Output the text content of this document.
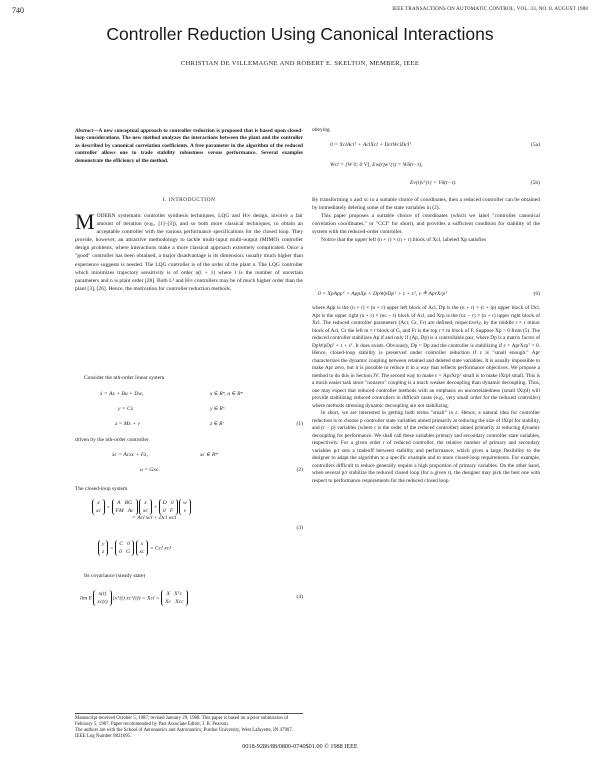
740	IEEE TRANSACTIONS ON AUTOMATIC CONTROL, VOL. 33, NO. 8, AUGUST 1988
Controller Reduction Using Canonical Interactions
CHRISTIAN DE VILLEMAGNE AND ROBERT E. SKELTON, MEMBER, IEEE
Abstract—A new conceptual approach to controller reduction is proposed that is based upon closed-loop considerations. The new method analyzes the interactions between the plant and the controller as described by canonical correlation coefficients. A free parameter in the algorithm of the reduced controller allows one to trade stability robustness versus performance. Several examples demonstrate the efficiency of the method.
I. INTRODUCTION
MODERN systematic controller synthesis techniques, LQG and H∞ design, involve a fair amount of iteration (e.g., [1]–[3]), and so both more classical techniques, to obtain an acceptable controller with the various performance specifications for the closed loop. They provide, however, an attractive methodology to tackle multi-input multi-output (MIMO) controller design problems, where interactions make a more classical approach extremely complicated. Once a "good" controller has been obtained, a major disadvantage is its dimension: usually much higher than experience suggests is needed. The LQG controller is of the order of the plant n. The LQG controller which minimizes trajectory sensitivity is of order n(l + 1) where l is the number of uncertain parameters and n is plant order [28]. Both L² and H∞ controllers may be of much higher order than the plant [3], [26]. Hence, the motivation for controller reduction methods.
Consider the nth-order linear system
ẋ = Ax + Bu + Dw,	x ∈ Rⁿ, u ∈ Rᵐ
y = Cx	y ∈ Rᵏ
z = Mx + v	z ∈ Rˡ	(1)
driven by the nth-order controller
ẋc = Acxc + Fz,	xc ∈ Rⁿᶜ
u = Gxc.	(2)
The closed-loop system
x
xc = A   BG
FM   Ac x
xc + D   0
0   F w
v
= Acl xcl + Dcl wcl
(3)
y
z = C   0
0   G x
xc = Ccl xcl
Its covariance (steady state)
lim E x(t)
xc(t) (xᵀ(t) xcᵀ(t)) = Xcl = X   Xᵀc
Xc   Xcc
(4)
Manuscript received October 5, 1987; revised January 29, 1988. This paper is based on a prior submission of February 5, 1987. Paper recommended by Past Associate Editor, J. B. Pearson.
The authors are with the School of Aeronautics and Astronautics, Purdue University, West Lafayette, IN 47907.
IEEE Log Number 8821095.
obeying
0 = XclAclᵀ + AclXcl + DclWclDclᵀ	(5a)
Wcl = [W 0; 0 V], Ew(t)wᵀ(τ) = Wδ(t−τ),
Ev(t)vᵀ(τ) = Vδ(t−τ).	(5b)
By transforming x and xc to a suitable choice of coordinates, then a reduced controller can be obtained by immediately deleting some of the state variables in (2).
This paper proposes a suitable choice of coordinates (which we label "controller canonical correlation coordinates," or "CCI" for short), and provides a sufficient condition for stability of the system with the reduced-order controller.
Notice that the upper left (n + r) × (n + r) block of Xcl, labeled Xp satisfies
0 = XpAppᵀ + AppXp + DpWpDpᵀ + ε + εᵀ, ε ≜ AprXrpᵀ	(6)
where App is the (n + r) × (n + r) upper left block of Acl, Dp is the (n + r) × (r + lp) upper block of Dcl, Apr is the upper right (n + r) × (nc − r) block of Acl, and Xrp is the (nc − r) × (n + r) upper right block of Xcl. The reduced controller parameters (Acr, Gr, Fr) are defined, respectively, by the middle r × r minor block of Acl, Gr the left m × r block of G, and Fr is the top r × m block of F. Suppose Xp > 0 from (5). The reduced controller stabilizes Ap if and only if (Ap, Dp) is a controllable pair, where Dp is a matrix factor of DpWpDpᵀ + ε + εᵀ. It does exists. Obviously, Dp = Dp and the controller is stabilizing if ε = AprXrpᵀ = 0. Hence, closed-loop stability is preserved under controller reduction if ε is "small enough." Apr characterizes the dynamic coupling between retained and deleted state variables. It is usually impossible to make Apr zero, but it is possible to reduce it in a way that reflects performance objectives. We propose a method to do this in Section IV. The second way to make ε = AprXrpᵀ small is to make ‖Xrp‖ small. This is a much easier task since "nonzero" coupling is a much weaker decoupling than dynamic decoupling. Thus, one may expect that reduced controller methods with an emphasis on uncorrelatedness (small ‖Xrp‖) will provide stabilizing reduced controllers in difficult cases (e.g., very small order for the reduced controller) where methods stressing dynamic decoupling are not stabilizing.
In short, we are interested in getting both terms "small" in ε. Hence, a natural idea for controller reduction is to choose p controller state variables aimed primarily at reducing the size of ‖Xrp‖ for stability, and (r − p) variables (where r is the order of the reduced controller) aimed primarily at reducing dynamic decoupling for performance. We shall call these variables primary and secondary controller state variables, respectively. For a given order r of reduced controller, the relative number of primary and secondary variables p/r sets a tradeoff between stability and performance, which gives a large flexibility to the designer to adapt the algorithm to a specific example and to more closed-loop requirements. For example, controllers difficult to reduce generally require a high proportion of primary variables. On the other hand, when several p/r stabilize the reduced closed loop (for a given r), the designer may pick the best one with respect to performance requirements for the reduced closed loop.
0018-9286/88/0800-0740$01.00 © 1988 IEEE
